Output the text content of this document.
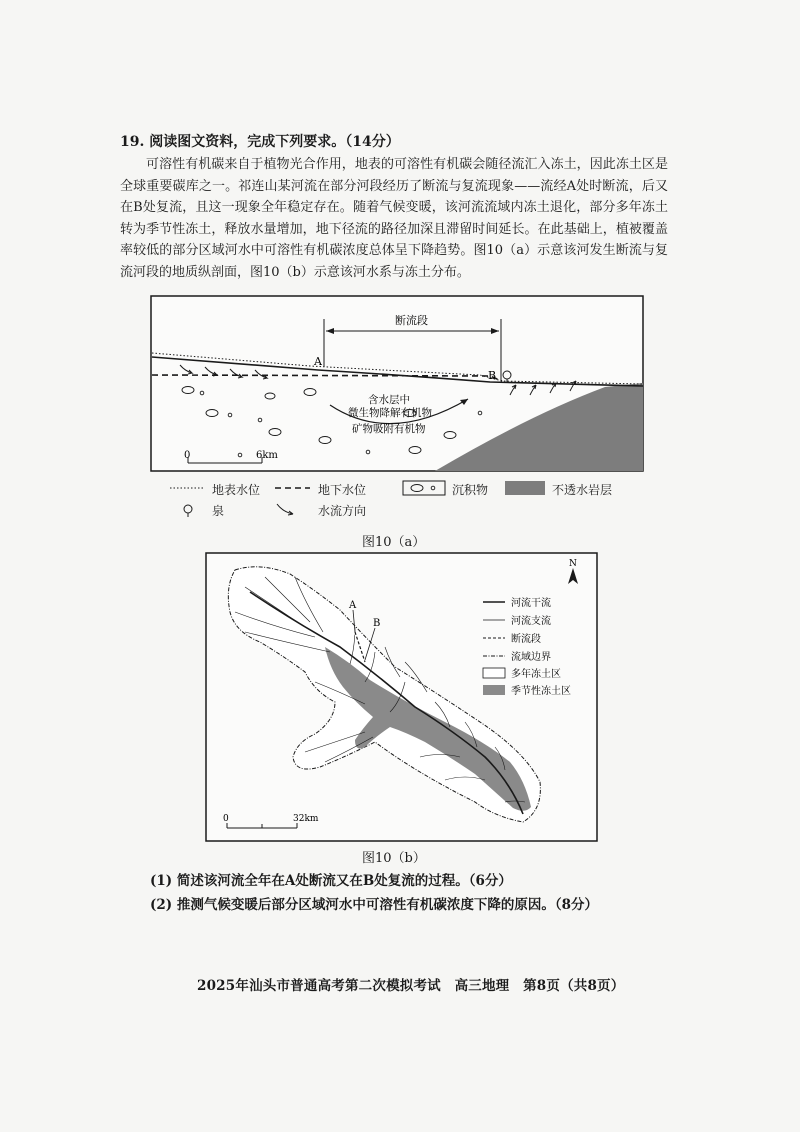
19. 阅读图文资料，完成下列要求。（14分）
可溶性有机碳来自于植物光合作用，地表的可溶性有机碳会随径流汇入冻土，因此冻土区是全球重要碳库之一。祁连山某河流在部分河段经历了断流与复流现象——流经A处时断流，后又在B处复流，且这一现象全年稳定存在。随着气候变暖，该河流流域内冻土退化，部分多年冻土转为季节性冻土，释放水量增加，地下径流的路径加深且滞留时间延长。在此基础上，植被覆盖率较低的部分区域河水中可溶性有机碳浓度总体呈下降趋势。图10（a）示意该河发生断流与复流河段的地质纵剖面，图10（b）示意该河水系与冻土分布。
断流段
A
B
含水层中
微生物降解有机物
矿物吸附有机物
0	6km
地表水位	地下水位	沉积物	不透水岩层
泉	水流方向
图10（a）
A
B
N
河流干流
河流支流
断流段
流域边界
多年冻土区
季节性冻土区
0	32km
图10（b）
(1) 简述该河流全年在A处断流又在B处复流的过程。（6分）
(2) 推测气候变暖后部分区域河水中可溶性有机碳浓度下降的原因。（8分）
2025年汕头市普通高考第二次模拟考试　高三地理　第8页（共8页）
